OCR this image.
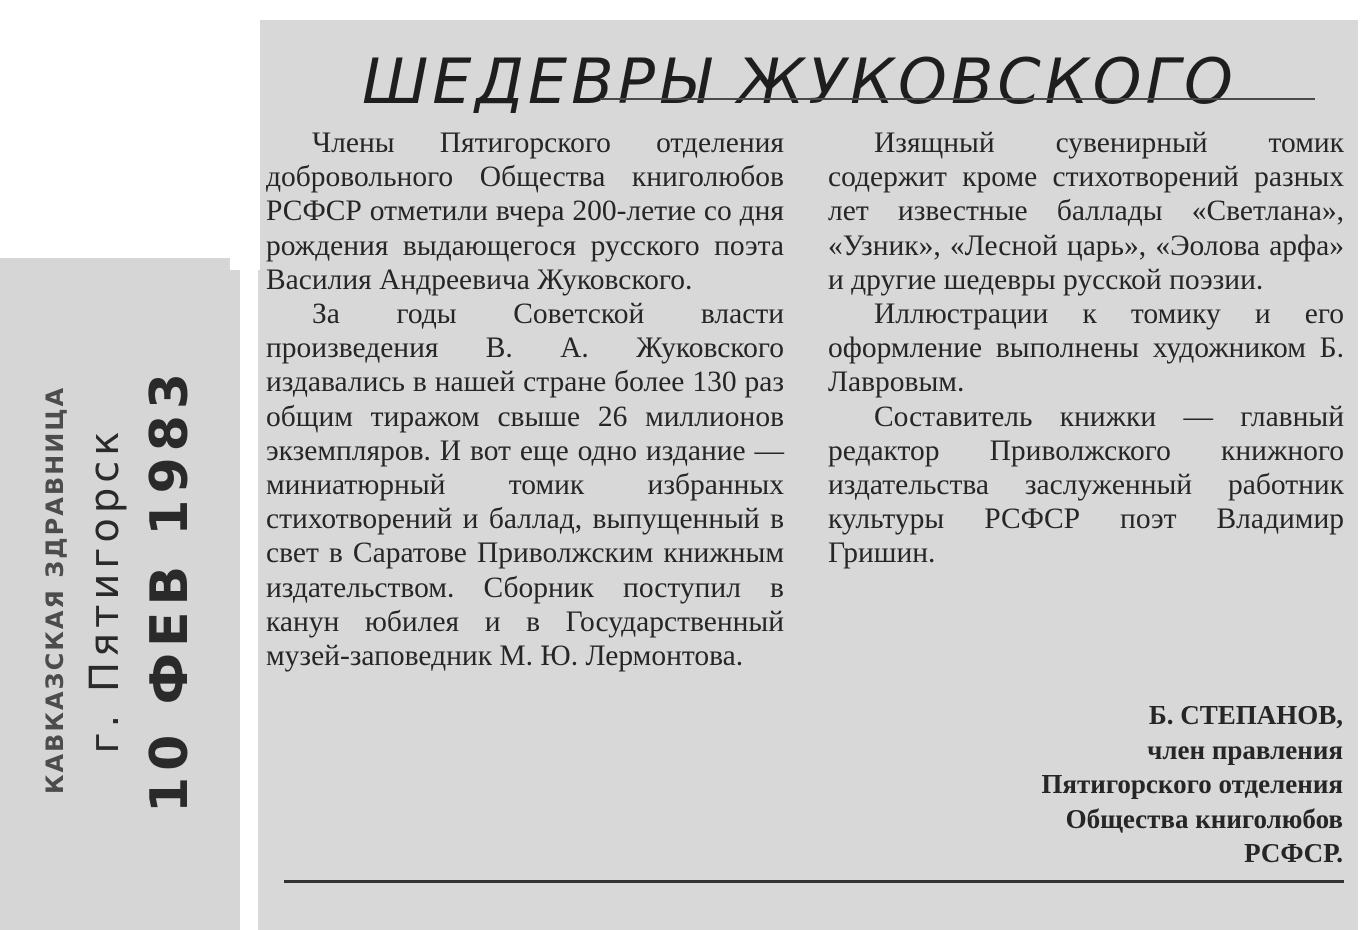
ШЕДЕВРЫ ЖУКОВСКОГО

Члены Пятигорского отделения добровольного Общества книголюбов РСФСР отметили вчера 200-летие со дня рождения выдающегося русского поэта Василия Андреевича Жуковского.

За годы Советской власти произведения В. А. Жуковского издавались в нашей стране более 130 раз общим тиражом свыше 26 миллионов экземпляров. И вот еще одно издание — миниатюрный томик избранных стихотворений и баллад, выпущенный в свет в Саратове Приволжским книжным издательством. Сборник поступил в канун юбилея и в Государственный музей-заповедник М. Ю. Лермонтова.

Изящный сувенирный томик содержит кроме стихотворений разных лет известные баллады «Светлана», «Узник», «Лесной царь», «Эолова арфа» и другие шедевры русской поэзии.

Иллюстрации к томику и его оформление выполнены художником Б. Лавровым.

Составитель книжки — главный редактор Приволжского книжного издательства заслуженный работник культуры РСФСР поэт Владимир Гришин.

Б. СТЕПАНОВ,
член правления
Пятигорского отделения
Общества книголюбов
РСФСР.
КАВКАЗСКАЯ ЗДРАВНИЦА г. Пятигорск 10 ФЕВ 1983
